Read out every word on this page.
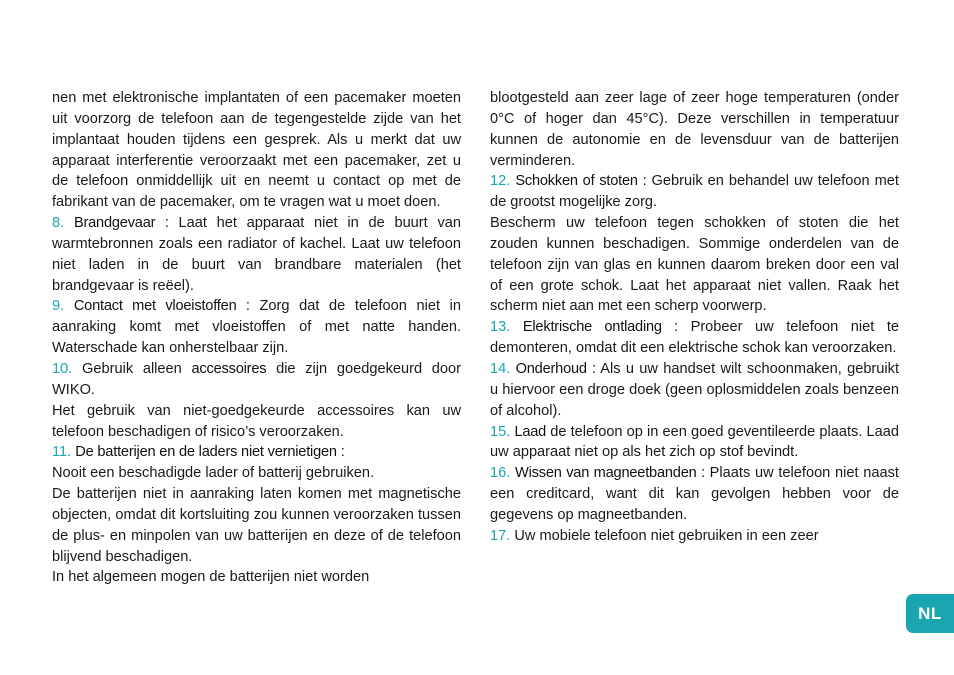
nen met elektronische implantaten of een pacemaker moeten uit voorzorg de telefoon aan de tegengestelde zijde van het implantaat houden tijdens een gesprek. Als u merkt dat uw apparaat interferentie veroorzaakt met een pacemaker, zet u de telefoon onmiddellijk uit en neemt u contact op met de fabrikant van de pacemaker, om te vragen wat u moet doen.

8. Brandgevaar : Laat het apparaat niet in de buurt van warmtebronnen zoals een radiator of kachel. Laat uw telefoon niet laden in de buurt van brandbare materialen (het brandgevaar is reëel).

9. Contact met vloeistoffen : Zorg dat de telefoon niet in aanraking komt met vloeistoffen of met natte handen. Waterschade kan onherstelbaar zijn.

10. Gebruik alleen accessoires die zijn goedgekeurd door WIKO.

Het gebruik van niet-goedgekeurde accessoires kan uw telefoon beschadigen of risico’s veroorzaken.

11. De batterijen en de laders niet vernietigen :

Nooit een beschadigde lader of batterij gebruiken.

De batterijen niet in aanraking laten komen met magnetische objecten, omdat dit kortsluiting zou kunnen veroorzaken tussen de plus- en minpolen van uw batterijen en deze of de telefoon blijvend beschadigen.

In het algemeen mogen de batterijen niet worden

blootgesteld aan zeer lage of zeer hoge temperaturen (onder 0°C of hoger dan 45°C). Deze verschillen in temperatuur kunnen de autonomie en de levensduur van de batterijen verminderen.

12. Schokken of stoten : Gebruik en behandel uw telefoon met de grootst mogelijke zorg.

Bescherm uw telefoon tegen schokken of stoten die het zouden kunnen beschadigen. Sommige onderdelen van de telefoon zijn van glas en kunnen daarom breken door een val of een grote schok. Laat het apparaat niet vallen. Raak het scherm niet aan met een scherp voorwerp.

13. Elektrische ontlading : Probeer uw telefoon niet te demonteren, omdat dit een elektrische schok kan veroorzaken.

14. Onderhoud : Als u uw handset wilt schoonmaken, gebruikt u hiervoor een droge doek (geen oplosmiddelen zoals benzeen of alcohol).

15. Laad de telefoon op in een goed geventileerde plaats. Laad uw apparaat niet op als het zich op stof bevindt.

16. Wissen van magneetbanden : Plaats uw telefoon niet naast een creditcard, want dit kan gevolgen hebben voor de gegevens op magneetbanden.

17. Uw mobiele telefoon niet gebruiken in een zeer

NL
